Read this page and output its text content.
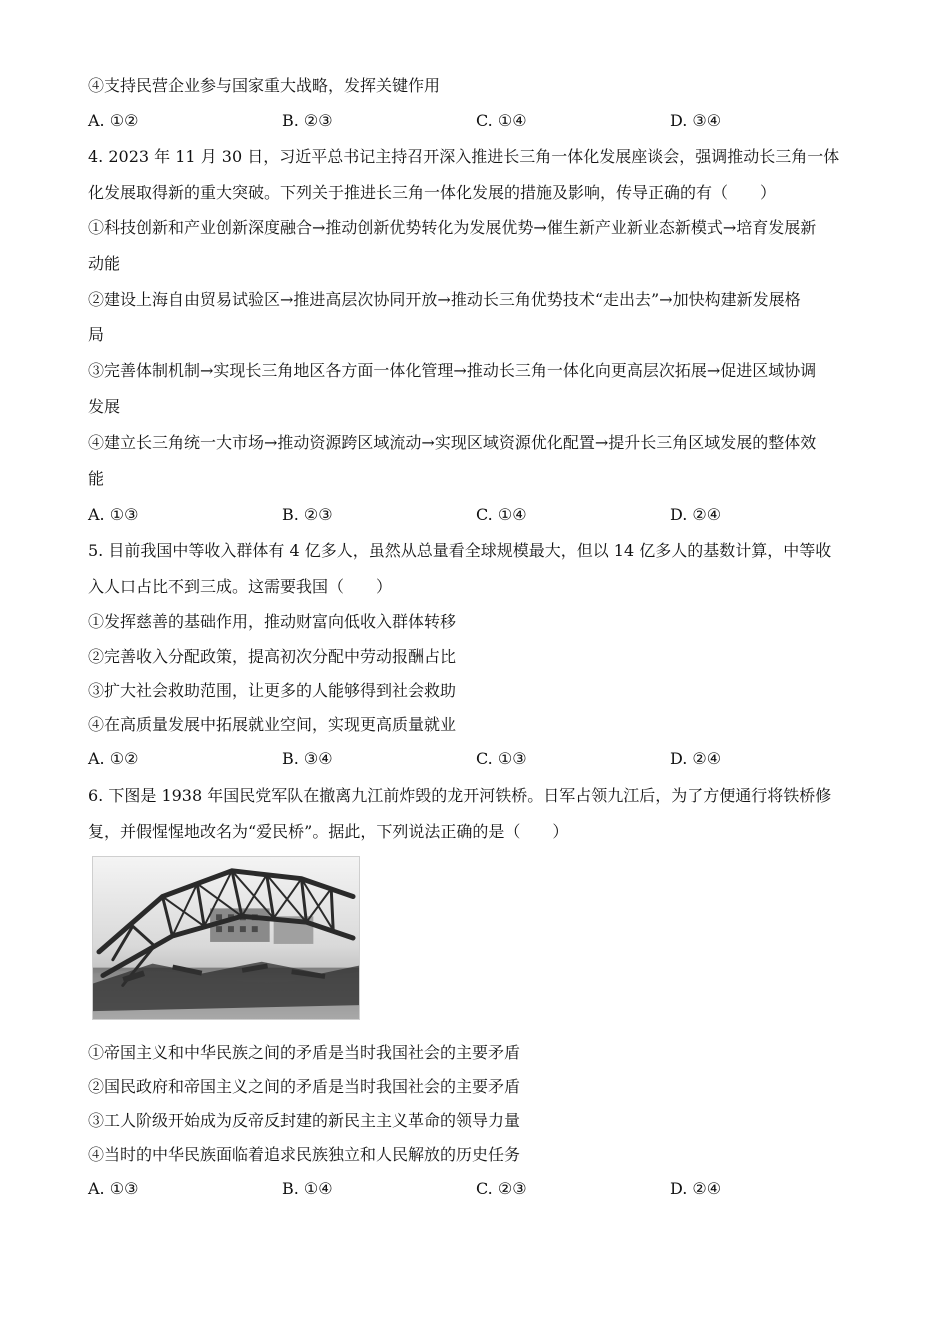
④支持民营企业参与国家重大战略，发挥关键作用
A. ①②	B. ②③	C. ①④	D. ③④
4. 2023 年 11 月 30 日，习近平总书记主持召开深入推进长三角一体化发展座谈会，强调推动长三角一体
化发展取得新的重大突破。下列关于推进长三角一体化发展的措施及影响，传导正确的有（　　）
①科技创新和产业创新深度融合→推动创新优势转化为发展优势→催生新产业新业态新模式→培育发展新
动能
②建设上海自由贸易试验区→推进高层次协同开放→推动长三角优势技术“走出去”→加快构建新发展格
局
③完善体制机制→实现长三角地区各方面一体化管理→推动长三角一体化向更高层次拓展→促进区域协调
发展
④建立长三角统一大市场→推动资源跨区域流动→实现区域资源优化配置→提升长三角区域发展的整体效
能
A. ①③	B. ②③	C. ①④	D. ②④
5. 目前我国中等收入群体有 4 亿多人，虽然从总量看全球规模最大，但以 14 亿多人的基数计算，中等收
入人口占比不到三成。这需要我国（　　）
①发挥慈善的基础作用，推动财富向低收入群体转移
②完善收入分配政策，提高初次分配中劳动报酬占比
③扩大社会救助范围，让更多的人能够得到社会救助
④在高质量发展中拓展就业空间，实现更高质量就业
A. ①②	B. ③④	C. ①③	D. ②④
6. 下图是 1938 年国民党军队在撤离九江前炸毁的龙开河铁桥。日军占领九江后，为了方便通行将铁桥修
复，并假惺惺地改名为“爱民桥”。据此，下列说法正确的是（　　）
①帝国主义和中华民族之间的矛盾是当时我国社会的主要矛盾
②国民政府和帝国主义之间的矛盾是当时我国社会的主要矛盾
③工人阶级开始成为反帝反封建的新民主主义革命的领导力量
④当时的中华民族面临着追求民族独立和人民解放的历史任务
A. ①③	B. ①④	C. ②③	D. ②④
